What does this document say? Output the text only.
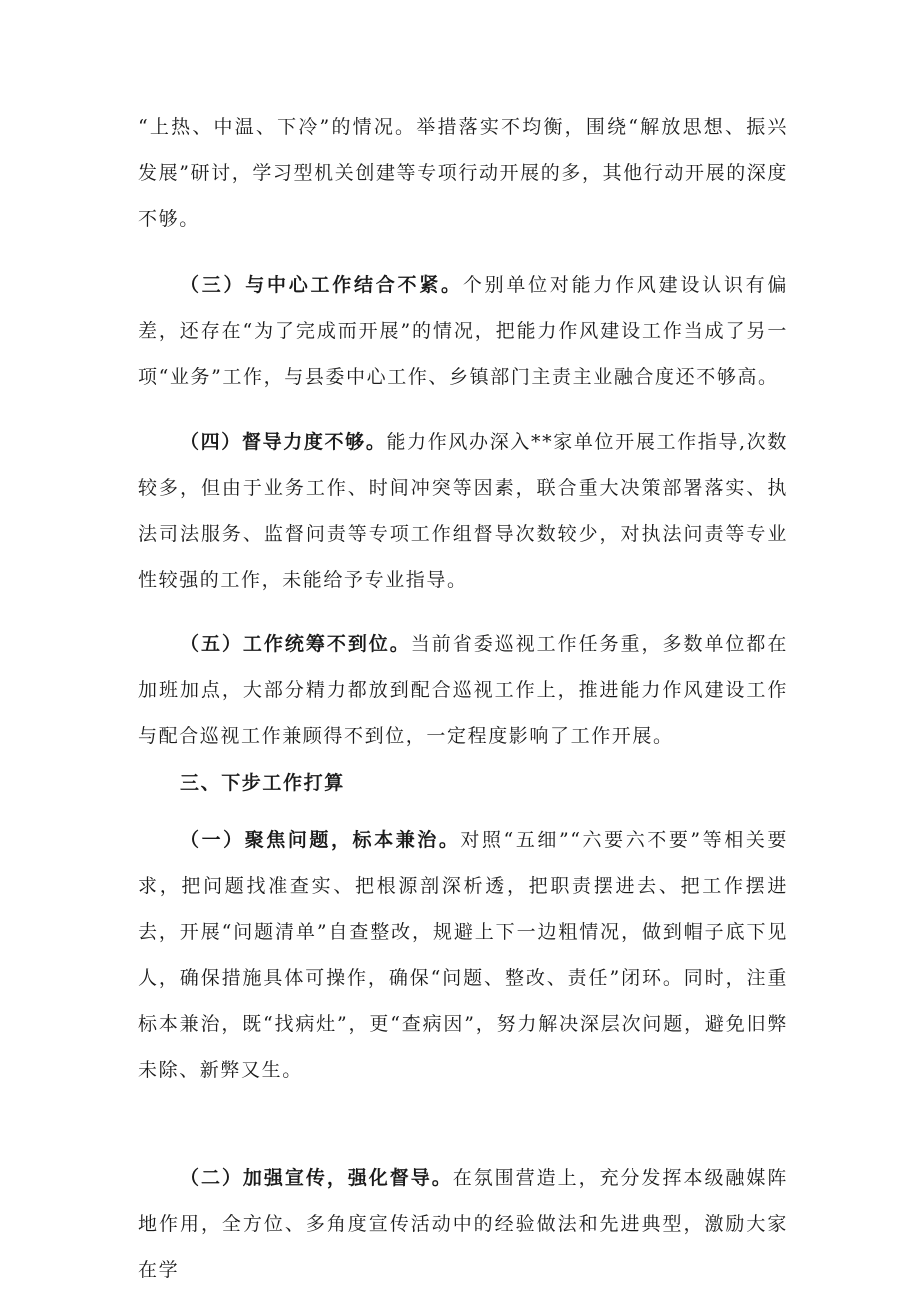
“上热、中温、下冷”的情况。举措落实不均衡，围绕“解放思想、振兴发展”研讨，学习型机关创建等专项行动开展的多，其他行动开展的深度不够。

（三）与中心工作结合不紧。个别单位对能力作风建设认识有偏差，还存在“为了完成而开展”的情况，把能力作风建设工作当成了另一项“业务”工作，与县委中心工作、乡镇部门主责主业融合度还不够高。

（四）督导力度不够。能力作风办深入**家单位开展工作指导,次数较多，但由于业务工作、时间冲突等因素，联合重大决策部署落实、执法司法服务、监督问责等专项工作组督导次数较少，对执法问责等专业性较强的工作，未能给予专业指导。

（五）工作统筹不到位。当前省委巡视工作任务重，多数单位都在加班加点，大部分精力都放到配合巡视工作上，推进能力作风建设工作与配合巡视工作兼顾得不到位，一定程度影响了工作开展。

三、下步工作打算

（一）聚焦问题，标本兼治。对照“五细”“六要六不要”等相关要求，把问题找准查实、把根源剖深析透，把职责摆进去、把工作摆进去，开展“问题清单”自查整改，规避上下一边粗情况，做到帽子底下见人，确保措施具体可操作，确保“问题、整改、责任”闭环。同时，注重标本兼治，既“找病灶”，更“查病因”，努力解决深层次问题，避免旧弊未除、新弊又生。

（二）加强宣传，强化督导。在氛围营造上，充分发挥本级融媒阵地作用，全方位、多角度宣传活动中的经验做法和先进典型，激励大家在学
